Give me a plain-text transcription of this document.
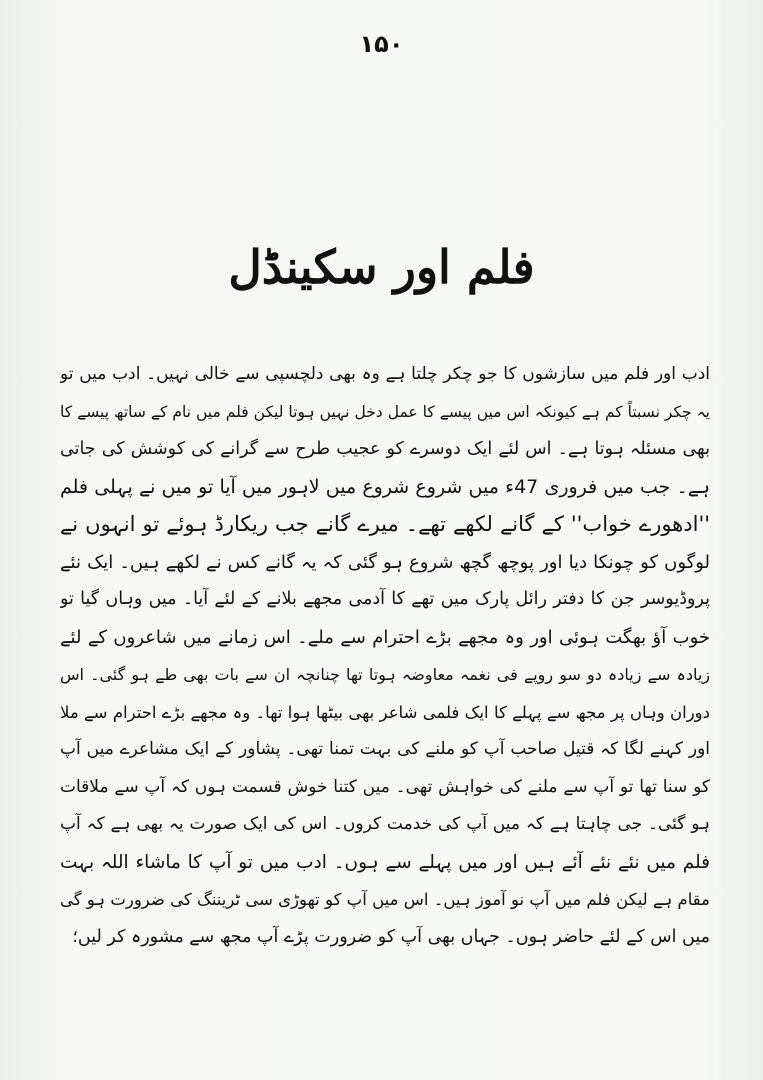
۱۵۰
فلم اور سکینڈل
ادب اور فلم میں سازشوں کا جو چکر چلتا ہے وہ بھی دلچسپی سے خالی نہیں۔ ادب میں تو
یہ چکر نسبتاً کم ہے کیونکہ اس میں پیسے کا عمل دخل نہیں ہوتا لیکن فلم میں نام کے ساتھ پیسے کا
بھی مسئلہ ہوتا ہے۔ اس لئے ایک دوسرے کو عجیب طرح سے گرانے کی کوشش کی جاتی
ہے۔ جب میں فروری 47ء میں شروع شروع میں لاہور میں آیا تو میں نے پہلی فلم
''ادھورے خواب'' کے گانے لکھے تھے۔ میرے گانے جب ریکارڈ ہوئے تو انہوں نے
لوگوں کو چونکا دیا اور پوچھ گچھ شروع ہو گئی کہ یہ گانے کس نے لکھے ہیں۔ ایک نئے
پروڈیوسر جن کا دفتر رائل پارک میں تھے کا آدمی مجھے بلانے کے لئے آیا۔ میں وہاں گیا تو
خوب آؤ بھگت ہوئی اور وہ مجھے بڑے احترام سے ملے۔ اس زمانے میں شاعروں کے لئے
زیادہ سے زیادہ دو سو روپے فی نغمہ معاوضہ ہوتا تھا چنانچہ ان سے بات بھی طے ہو گئی۔ اس
دوران وہاں پر مجھ سے پہلے کا ایک فلمی شاعر بھی بیٹھا ہوا تھا۔ وہ مجھے بڑے احترام سے ملا
اور کہنے لگا کہ قتیل صاحب آپ کو ملنے کی بہت تمنا تھی۔ پشاور کے ایک مشاعرے میں آپ
کو سنا تھا تو آپ سے ملنے کی خواہش تھی۔ میں کتنا خوش قسمت ہوں کہ آپ سے ملاقات
ہو گئی۔ جی چاہتا ہے کہ میں آپ کی خدمت کروں۔ اس کی ایک صورت یہ بھی ہے کہ آپ
فلم میں نئے نئے آئے ہیں اور میں پہلے سے ہوں۔ ادب میں تو آپ کا ماشاء اللہ بہت
مقام ہے لیکن فلم میں آپ نو آموز ہیں۔ اس میں آپ کو تھوڑی سی ٹریننگ کی ضرورت ہو گی
میں اس کے لئے حاضر ہوں۔ جہاں بھی آپ کو ضرورت پڑے آپ مجھ سے مشورہ کر لیں؛
